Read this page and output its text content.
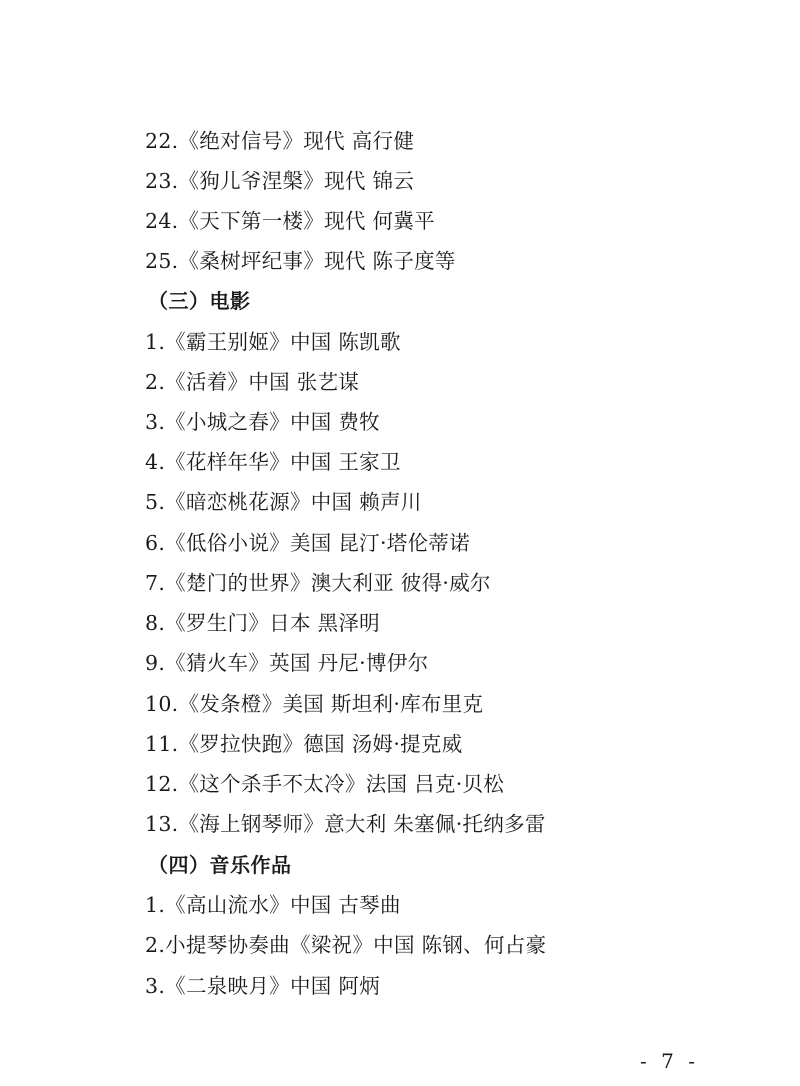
22.《绝对信号》现代 高行健
23.《狗儿爷涅槃》现代 锦云
24.《天下第一楼》现代 何冀平
25.《桑树坪纪事》现代 陈子度等
（三）电影
1.《霸王别姬》中国 陈凯歌
2.《活着》中国 张艺谋
3.《小城之春》中国 费牧
4.《花样年华》中国 王家卫
5.《暗恋桃花源》中国 赖声川
6.《低俗小说》美国 昆汀·塔伦蒂诺
7.《楚门的世界》澳大利亚 彼得·威尔
8.《罗生门》日本 黑泽明
9.《猜火车》英国 丹尼·博伊尔
10.《发条橙》美国 斯坦利·库布里克
11.《罗拉快跑》德国 汤姆·提克威
12.《这个杀手不太冷》法国 吕克·贝松
13.《海上钢琴师》意大利 朱塞佩·托纳多雷
（四）音乐作品
1.《高山流水》中国 古琴曲
2.小提琴协奏曲《梁祝》中国 陈钢、何占豪
3.《二泉映月》中国 阿炳
- 7 -
